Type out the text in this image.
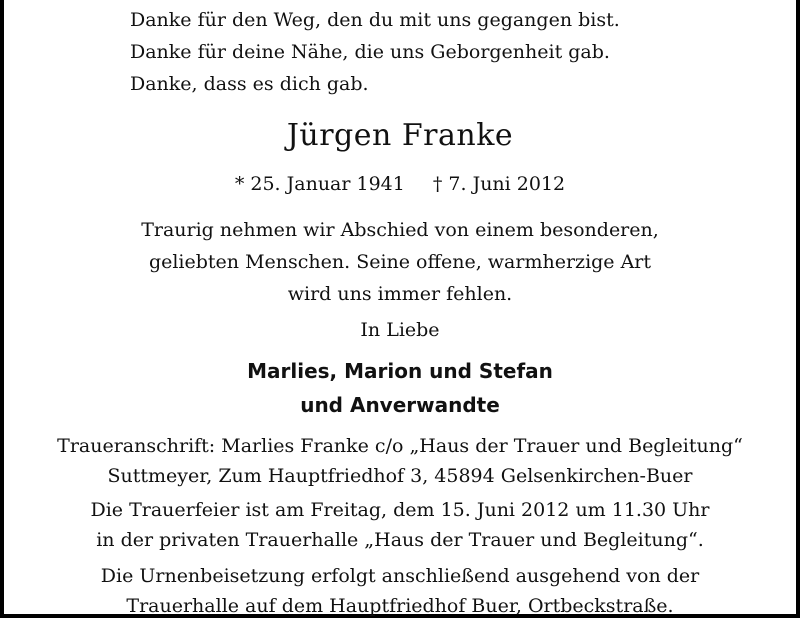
Danke für den Weg, den du mit uns gegangen bist.
Danke für deine Nähe, die uns Geborgenheit gab.
Danke, dass es dich gab.
Jürgen Franke
* 25. Januar 1941 † 7. Juni 2012
Traurig nehmen wir Abschied von einem besonderen,
geliebten Menschen. Seine offene, warmherzige Art
wird uns immer fehlen.
In Liebe
Marlies, Marion und Stefan
und Anverwandte
Traueranschrift: Marlies Franke c/o „Haus der Trauer und Begleitung“
Suttmeyer, Zum Hauptfriedhof 3, 45894 Gelsenkirchen-Buer
Die Trauerfeier ist am Freitag, dem 15. Juni 2012 um 11.30 Uhr
in der privaten Trauerhalle „Haus der Trauer und Begleitung“.
Die Urnenbeisetzung erfolgt anschließend ausgehend von der
Trauerhalle auf dem Hauptfriedhof Buer, Ortbeckstraße.
